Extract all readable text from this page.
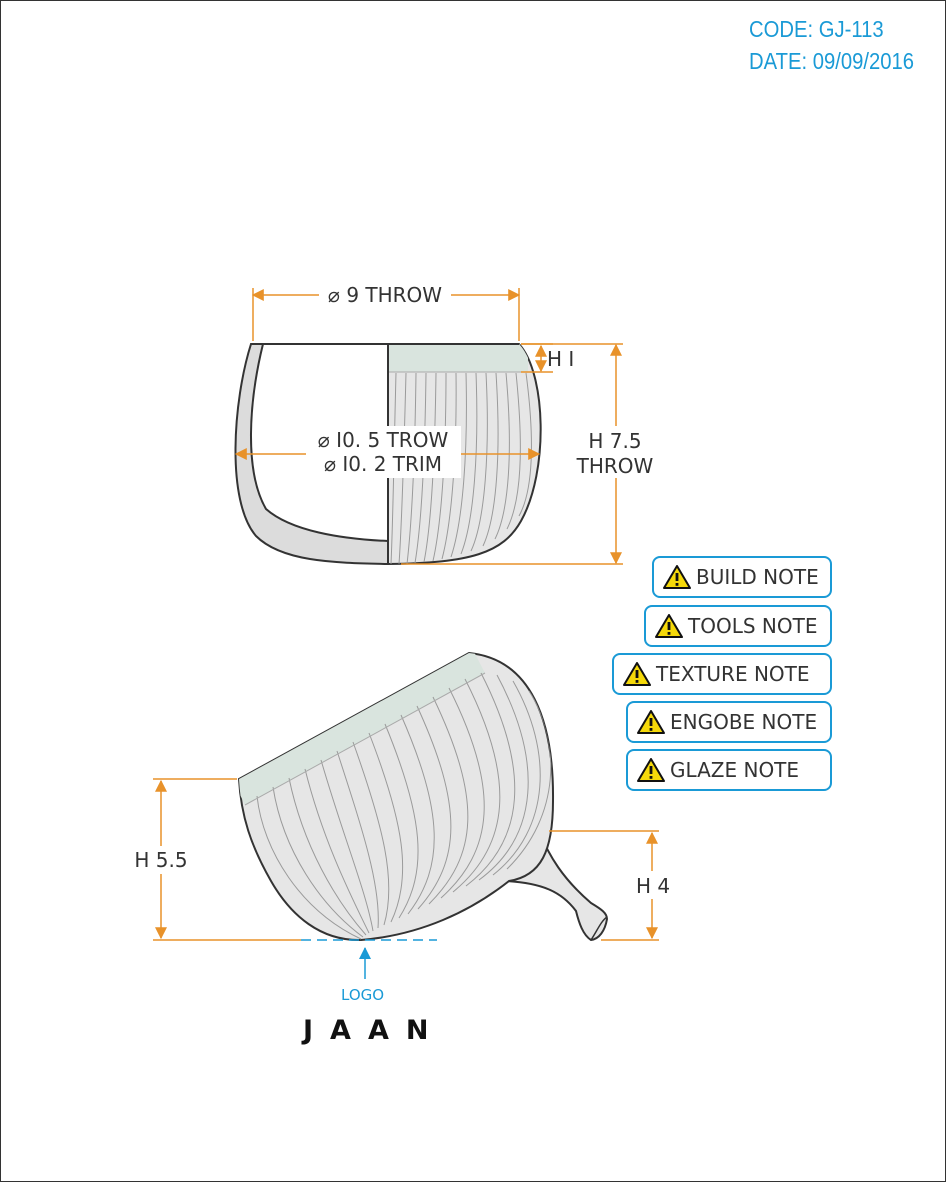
CODE: GJ-113
DATE: 09/09/2016
⌀ 9 THROW
⌀ I0. 5 TROW
⌀ I0. 2 TRIM
H I
H 7.5
THROW
H 5.5
H 4
BUILD NOTE
TOOLS NOTE
TEXTURE NOTE
ENGOBE NOTE
GLAZE NOTE
LOGO
JAAN
